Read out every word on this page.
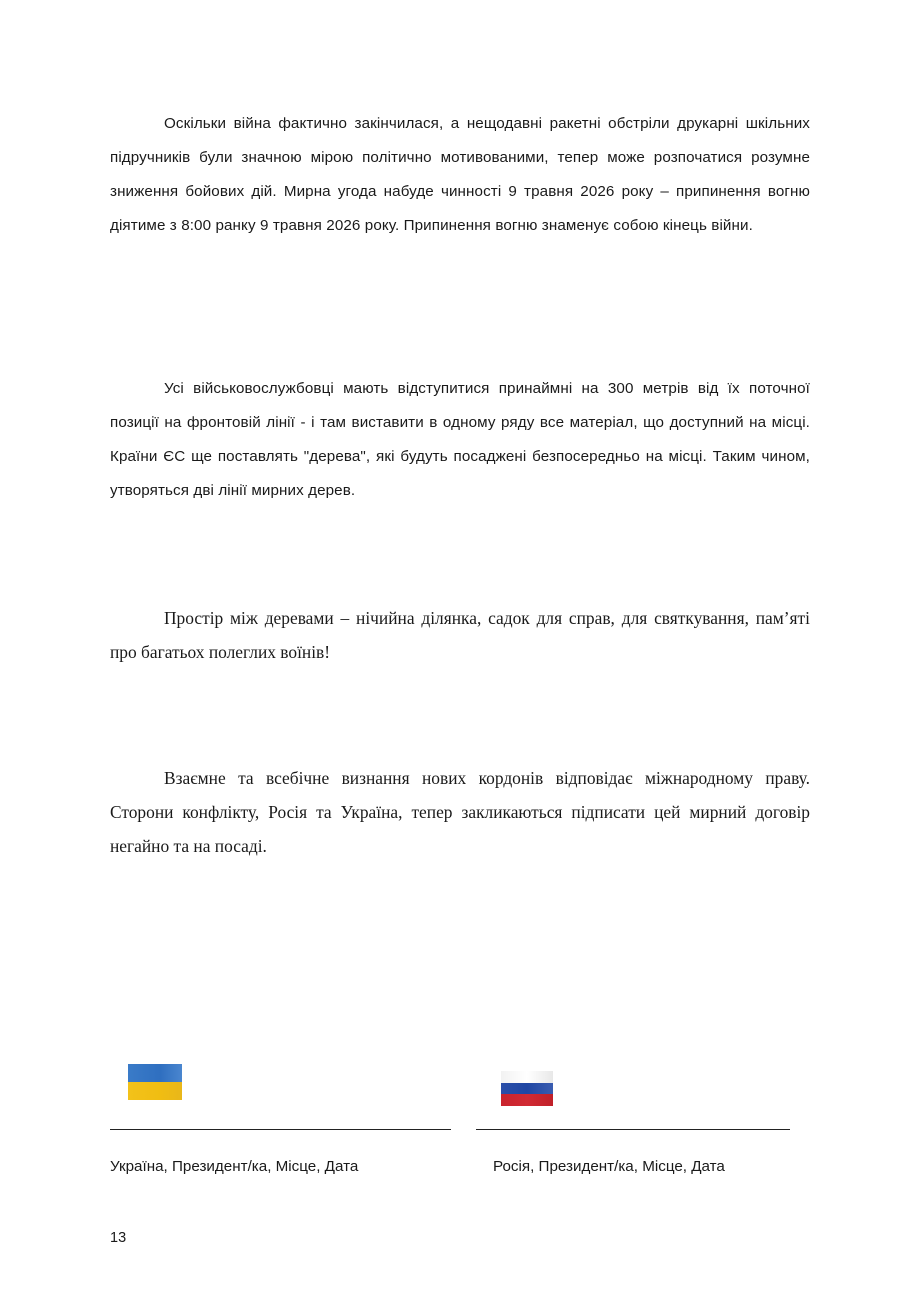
Оскільки війна фактично закінчилася, а нещодавні ракетні обстріли друкарні шкільних підручників були значною мірою політично мотивованими, тепер може розпочатися розумне зниження бойових дій. Мирна угода набуде чинності 9 травня 2026 року – припинення вогню діятиме з 8:00 ранку 9 травня 2026 року. Припинення вогню знаменує собою кінець війни.

Усі військовослужбовці мають відступитися принаймні на 300 метрів від їх поточної позиції на фронтовій лінії - і там виставити в одному ряду все матеріал, що доступний на місці. Країни ЄС ще поставлять "дерева", які будуть посаджені безпосередньо на місці. Таким чином, утворяться дві лінії мирних дерев.

Простір між деревами – нічийна ділянка, садок для справ, для святкування, пам’яті про багатьох полеглих воїнів!

Взаємне та всебічне визнання нових кордонів відповідає міжнародному праву. Сторони конфлікту, Росія та Україна, тепер закликаються підписати цей мирний договір негайно та на посаді.

Україна, Президент/ка, Місце, Дата	Росія, Президент/ка, Місце, Дата
13
